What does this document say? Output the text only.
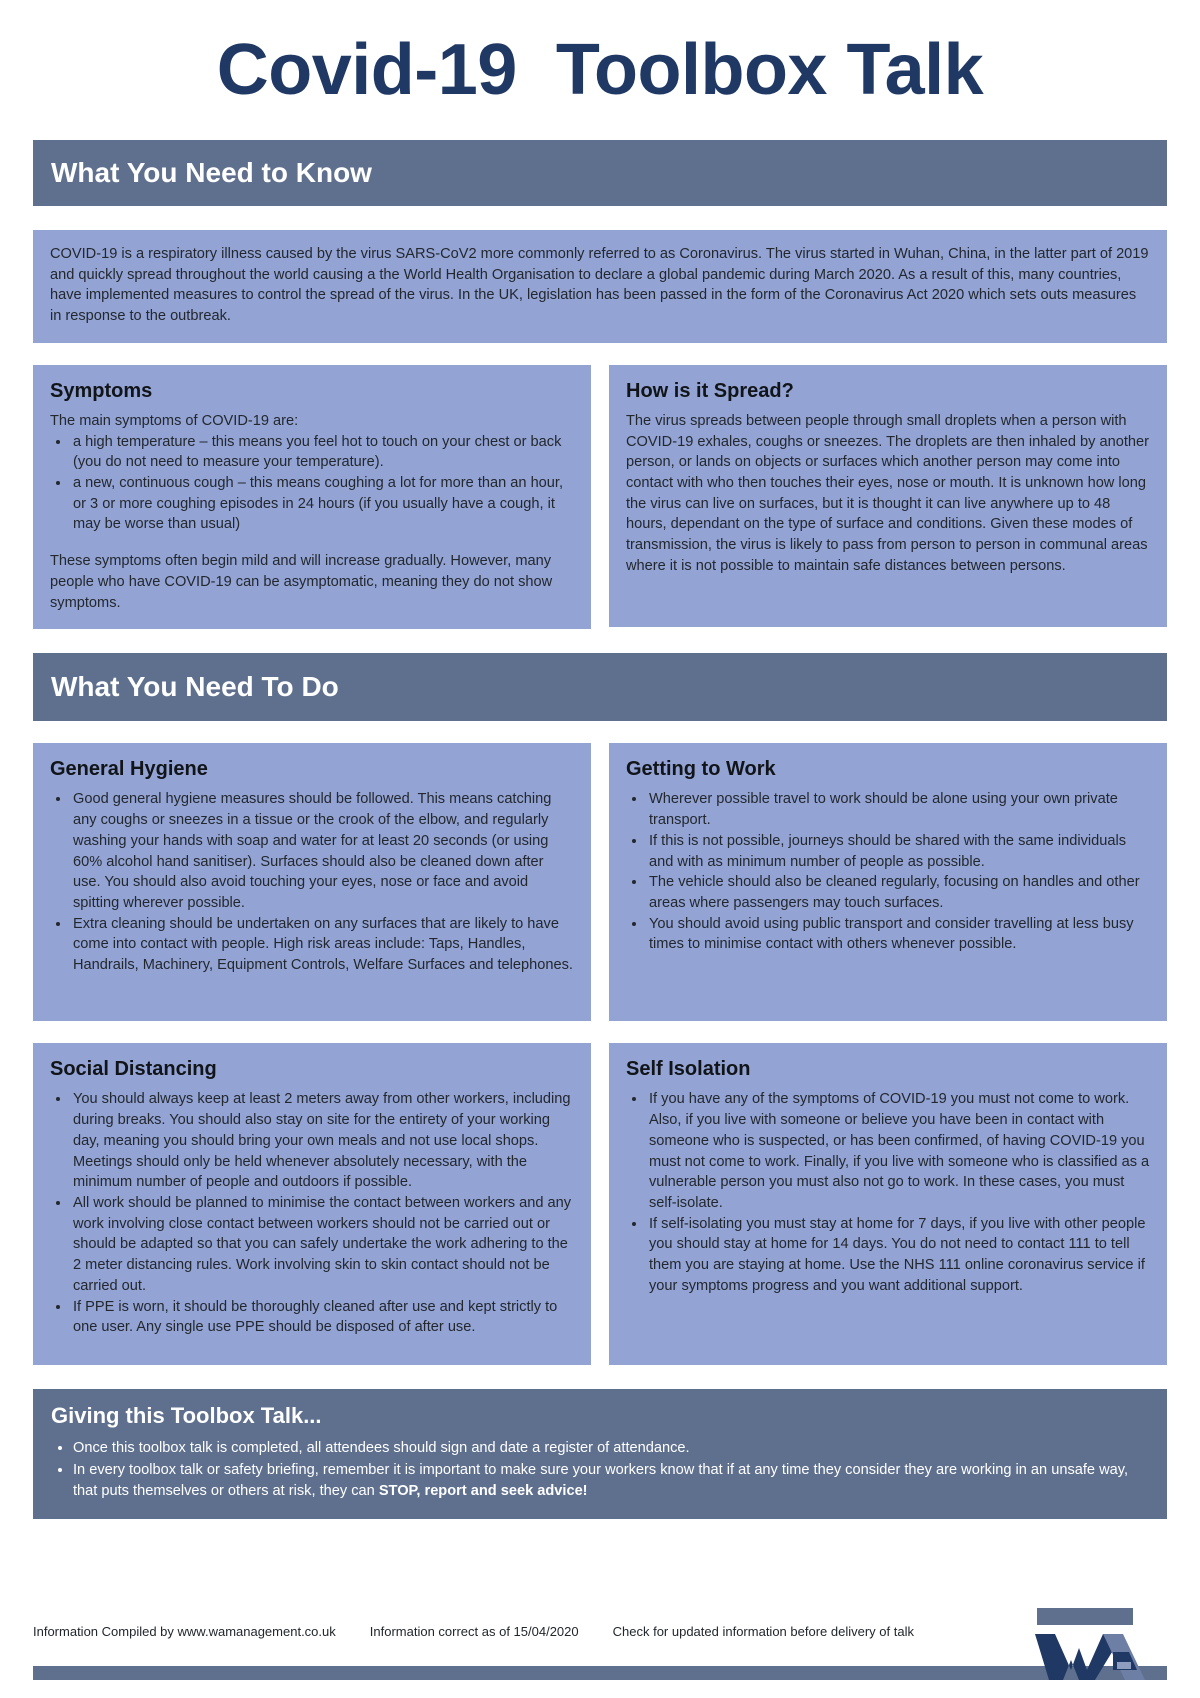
Covid-19  Toolbox Talk
What You Need to Know

COVID-19 is a respiratory illness caused by the virus SARS-CoV2 more commonly referred to as Coronavirus. The virus started in Wuhan, China, in the latter part of 2019 and quickly spread throughout the world causing a the World Health Organisation to declare a global pandemic during March 2020. As a result of this, many countries, have implemented measures to control the spread of the virus. In the UK, legislation has been passed in the form of the Coronavirus Act 2020 which sets outs measures in response to the outbreak.

Symptoms

The main symptoms of COVID-19 are:

• a high temperature – this means you feel hot to touch on your chest or back (you do not need to measure your temperature).
• a new, continuous cough – this means coughing a lot for more than an hour, or 3 or more coughing episodes in 24 hours (if you usually have a cough, it may be worse than usual)

These symptoms often begin mild and will increase gradually. However, many people who have COVID-19 can be asymptomatic, meaning they do not show symptoms.

How is it Spread?

The virus spreads between people through small droplets when a person with COVID-19 exhales, coughs or sneezes. The droplets are then inhaled by another person, or lands on objects or surfaces which another person may come into contact with who then touches their eyes, nose or mouth. It is unknown how long the virus can live on surfaces, but it is thought it can live anywhere up to 48 hours, dependant on the type of surface and conditions. Given these modes of transmission, the virus is likely to pass from person to person in communal areas where it is not possible to maintain safe distances between persons.

What You Need To Do
General Hygiene
• Good general hygiene measures should be followed. This means catching any coughs or sneezes in a tissue or the crook of the elbow, and regularly washing your hands with soap and water for at least 20 seconds (or using 60% alcohol hand sanitiser). Surfaces should also be cleaned down after use. You should also avoid touching your eyes, nose or face and avoid spitting wherever possible.
• Extra cleaning should be undertaken on any surfaces that are likely to have come into contact with people. High risk areas include: Taps, Handles, Handrails, Machinery, Equipment Controls, Welfare Surfaces and telephones.
Social Distancing
• You should always keep at least 2 meters away from other workers, including during breaks. You should also stay on site for the entirety of your working day, meaning you should bring your own meals and not use local shops. Meetings should only be held whenever absolutely necessary, with the minimum number of people and outdoors if possible.
• All work should be planned to minimise the contact between workers and any work involving close contact between workers should not be carried out or should be adapted so that you can safely undertake the work adhering to the 2 meter distancing rules. Work involving skin to skin contact should not be carried out.
• If PPE is worn, it should be thoroughly cleaned after use and kept strictly to one user. Any single use PPE should be disposed of after use.
Getting to Work
• Wherever possible travel to work should be alone using your own private transport.
• If this is not possible, journeys should be shared with the same individuals and with as minimum number of people as possible.
• The vehicle should also be cleaned regularly, focusing on handles and other areas where passengers may touch surfaces.
• You should avoid using public transport and consider travelling at less busy times to minimise contact with others whenever possible.
Self Isolation
• If you have any of the symptoms of COVID-19 you must not come to work. Also, if you live with someone or believe you have been in contact with someone who is suspected, or has been confirmed, of having COVID-19 you must not come to work. Finally, if you live with someone who is classified as a vulnerable person you must also not go to work. In these cases, you must self-isolate.
• If self-isolating you must stay at home for 7 days, if you live with other people you should stay at home for 14 days. You do not need to contact 111 to tell them you are staying at home. Use the NHS 111 online coronavirus service if your symptoms progress and you want additional support.
Giving this Toolbox Talk...
• Once this toolbox talk is completed, all attendees should sign and date a register of attendance.
• In every toolbox talk or safety briefing, remember it is important to make sure your workers know that if at any time they consider they are working in an unsafe way, that puts themselves or others at risk, they can STOP, report and seek advice!
Information Compiled by www.wamanagement.co.uk	Information correct as of 15/04/2020	Check for updated information before delivery of talk
